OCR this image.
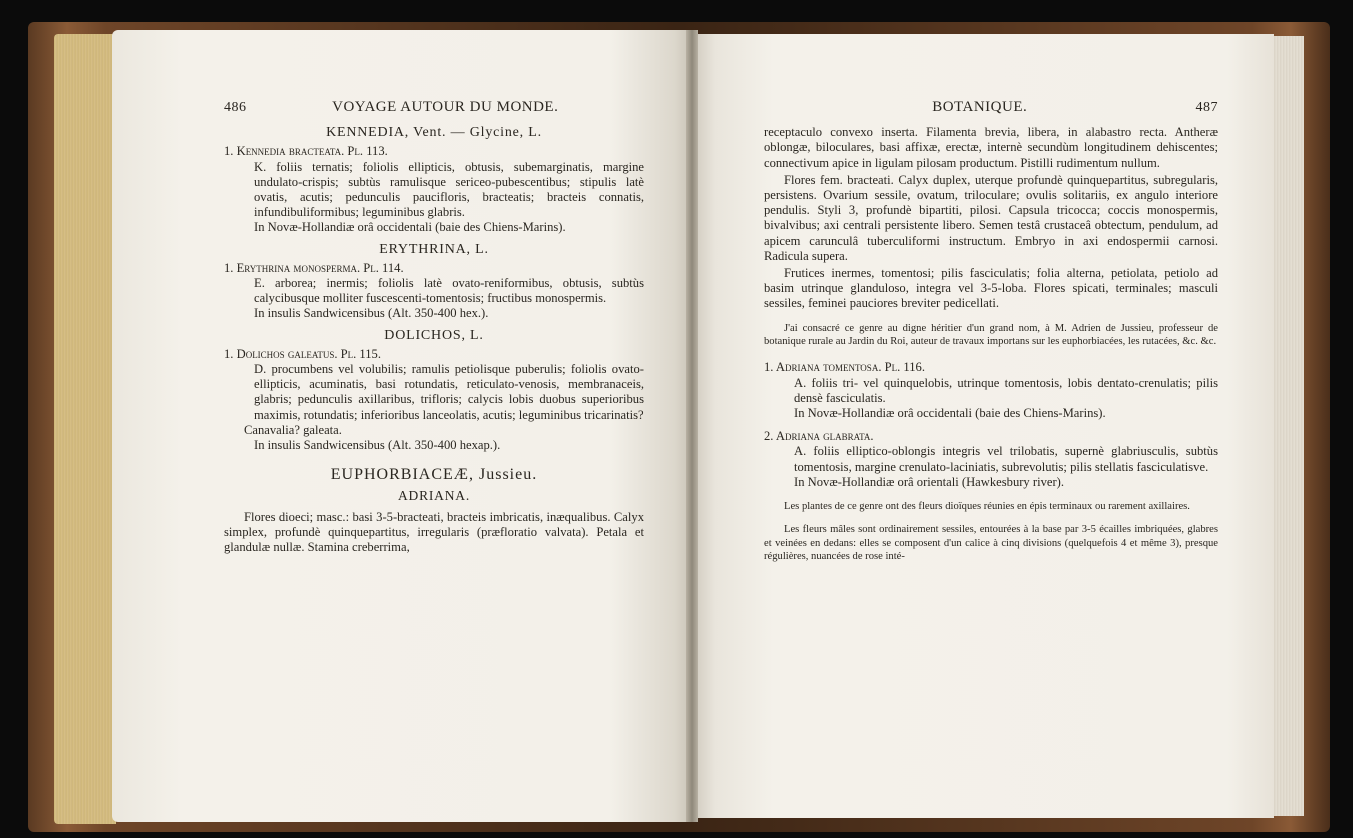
486	VOYAGE AUTOUR DU MONDE.
KENNEDIA, Vent. — Glycine, L.

1. Kennedia bracteata. Pl. 113.

K. foliis ternatis; foliolis ellipticis, obtusis, subemarginatis, margine undulato-crispis; subtùs ramulisque sericeo-pubescentibus; stipulis latè ovatis, acutis; pedunculis paucifloris, bracteatis; bracteis connatis, infundibuliformibus; leguminibus glabris.

In Novæ-Hollandiæ orâ occidentali (baie des Chiens-Marins).

ERYTHRINA, L.

1. Erythrina monosperma. Pl. 114.

E. arborea; inermis; foliolis latè ovato-reniformibus, obtusis, subtùs calycibusque molliter fuscescenti-tomentosis; fructibus monospermis.

In insulis Sandwicensibus (Alt. 350-400 hex.).

DOLICHOS, L.

1. Dolichos galeatus. Pl. 115.

D. procumbens vel volubilis; ramulis petiolisque puberulis; foliolis ovato-ellipticis, acuminatis, basi rotundatis, reticulato-venosis, membranaceis, glabris; pedunculis axillaribus, trifloris; calycis lobis duobus superioribus maximis, rotundatis; inferioribus lanceolatis, acutis; leguminibus tricarinatis?

Canavalia? galeata.

In insulis Sandwicensibus (Alt. 350-400 hexap.).

EUPHORBIACEÆ, Jussieu.
ADRIANA.

Flores dioeci; masc.: basi 3-5-bracteati, bracteis imbricatis, inæqualibus. Calyx simplex, profundè quinquepartitus, irregularis (præfloratio valvata). Petala et glandulæ nullæ. Stamina creberrima,

BOTANIQUE.	487

receptaculo convexo inserta. Filamenta brevia, libera, in alabastro recta. Antheræ oblongæ, biloculares, basi affixæ, erectæ, internè secundùm longitudinem dehiscentes; connectivum apice in ligulam pilosam productum. Pistilli rudimentum nullum.

Flores fem. bracteati. Calyx duplex, uterque profundè quinquepartitus, subregularis, persistens. Ovarium sessile, ovatum, triloculare; ovulis solitariis, ex angulo interiore pendulis. Styli 3, profundè bipartiti, pilosi. Capsula tricocca; coccis monospermis, bivalvibus; axi centrali persistente libero. Semen testâ crustaceâ obtectum, pendulum, ad apicem carunculâ tuberculiformi instructum. Embryo in axi endospermii carnosi. Radicula supera.

Frutices inermes, tomentosi; pilis fasciculatis; folia alterna, petiolata, petiolo ad basim utrinque glanduloso, integra vel 3-5-loba. Flores spicati, terminales; masculi sessiles, feminei pauciores breviter pedicellati.

J'ai consacré ce genre au digne héritier d'un grand nom, à M. Adrien de Jussieu, professeur de botanique rurale au Jardin du Roi, auteur de travaux importans sur les euphorbiacées, les rutacées, &c. &c.

1. Adriana tomentosa. Pl. 116.

A. foliis tri- vel quinquelobis, utrinque tomentosis, lobis dentato-crenulatis; pilis densè fasciculatis.

In Novæ-Hollandiæ orâ occidentali (baie des Chiens-Marins).

2. Adriana glabrata.

A. foliis elliptico-oblongis integris vel trilobatis, supernè glabriusculis, subtùs tomentosis, margine crenulato-laciniatis, subrevolutis; pilis stellatis fasciculatisve.

In Novæ-Hollandiæ orâ orientali (Hawkesbury river).

Les plantes de ce genre ont des fleurs dioïques réunies en épis terminaux ou rarement axillaires.

Les fleurs mâles sont ordinairement sessiles, entourées à la base par 3-5 écailles imbriquées, glabres et veinées en dedans: elles se composent d'un calice à cinq divisions (quelquefois 4 et même 3), presque régulières, nuancées de rose inté-
